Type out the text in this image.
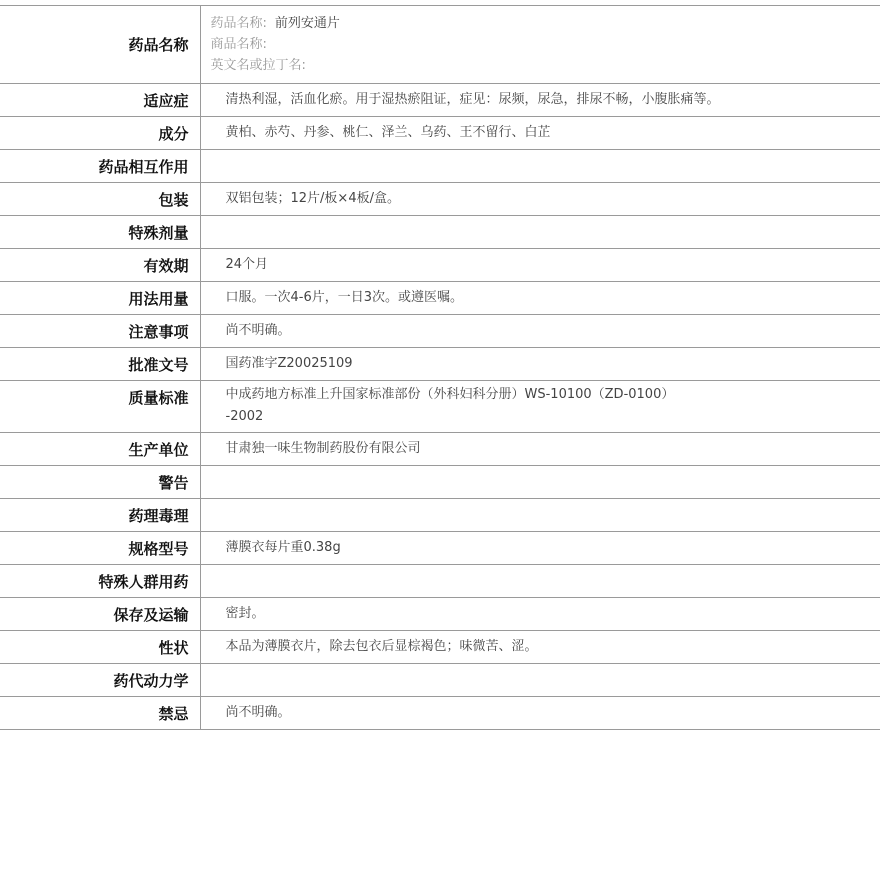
药品名称	药品名称: 前列安通片
商品名称:
英文名或拉丁名:

适应症	清热利湿，活血化瘀。用于湿热瘀阻证，症见：尿频，尿急，排尿不畅，小腹胀痛等。
成分	黄柏、赤芍、丹参、桃仁、泽兰、乌药、王不留行、白芷
药品相互作用	
包装	双铝包装；12片/板×4板/盒。
特殊剂量	
有效期	24个月
用法用量	口服。一次4-6片，一日3次。或遵医嘱。
注意事项	尚不明确。
批准文号	国药准字Z20025109
质量标准	中成药地方标准上升国家标准部份（外科妇科分册）WS-10100（ZD-0100）
-2002

生产单位	甘肃独一味生物制药股份有限公司
警告	
药理毒理	
规格型号	薄膜衣每片重0.38g
特殊人群用药	
保存及运输	密封。
性状	本品为薄膜衣片，除去包衣后显棕褐色；味微苦、涩。
药代动力学	
禁忌	尚不明确。
